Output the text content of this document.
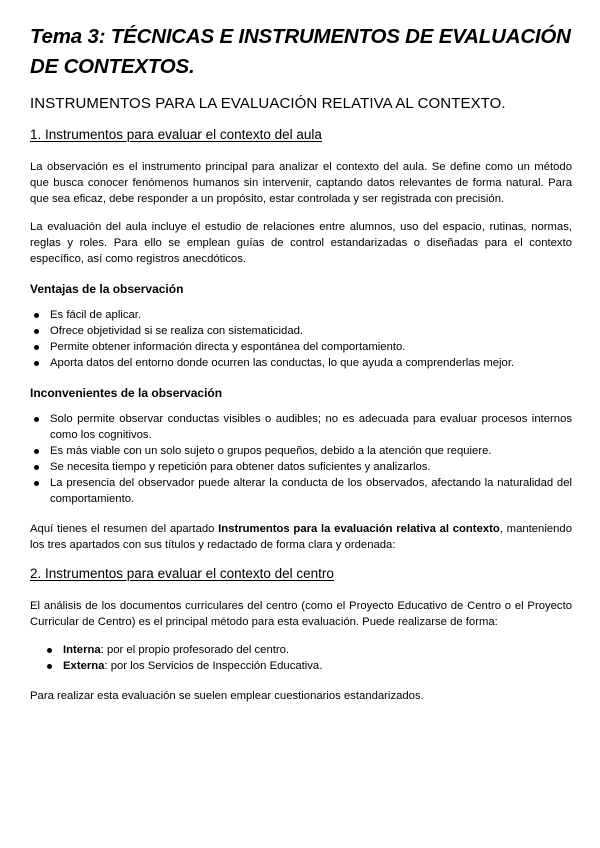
Tema 3: TÉCNICAS E INSTRUMENTOS DE EVALUACIÓN DE CONTEXTOS.
INSTRUMENTOS PARA LA EVALUACIÓN RELATIVA AL CONTEXTO.
1. Instrumentos para evaluar el contexto del aula

La observación es el instrumento principal para analizar el contexto del aula. Se define como un método que busca conocer fenómenos humanos sin intervenir, captando datos relevantes de forma natural. Para que sea eficaz, debe responder a un propósito, estar controlada y ser registrada con precisión.

La evaluación del aula incluye el estudio de relaciones entre alumnos, uso del espacio, rutinas, normas, reglas y roles. Para ello se emplean guías de control estandarizadas o diseñadas para el contexto específico, así como registros anecdóticos.

Ventajas de la observación
Es fácil de aplicar.
Ofrece objetividad si se realiza con sistematicidad.
Permite obtener información directa y espontánea del comportamiento.
Aporta datos del entorno donde ocurren las conductas, lo que ayuda a comprenderlas mejor.
Inconvenientes de la observación
Solo permite observar conductas visibles o audibles; no es adecuada para evaluar procesos internos como los cognitivos.
Es más viable con un solo sujeto o grupos pequeños, debido a la atención que requiere.
Se necesita tiempo y repetición para obtener datos suficientes y analizarlos.
La presencia del observador puede alterar la conducta de los observados, afectando la naturalidad del comportamiento.

Aquí tienes el resumen del apartado Instrumentos para la evaluación relativa al contexto, manteniendo los tres apartados con sus títulos y redactado de forma clara y ordenada:

2. Instrumentos para evaluar el contexto del centro

El análisis de los documentos curriculares del centro (como el Proyecto Educativo de Centro o el Proyecto Curricular de Centro) es el principal método para esta evaluación. Puede realizarse de forma:

Interna: por el propio profesorado del centro.
Externa: por los Servicios de Inspección Educativa.

Para realizar esta evaluación se suelen emplear cuestionarios estandarizados.
